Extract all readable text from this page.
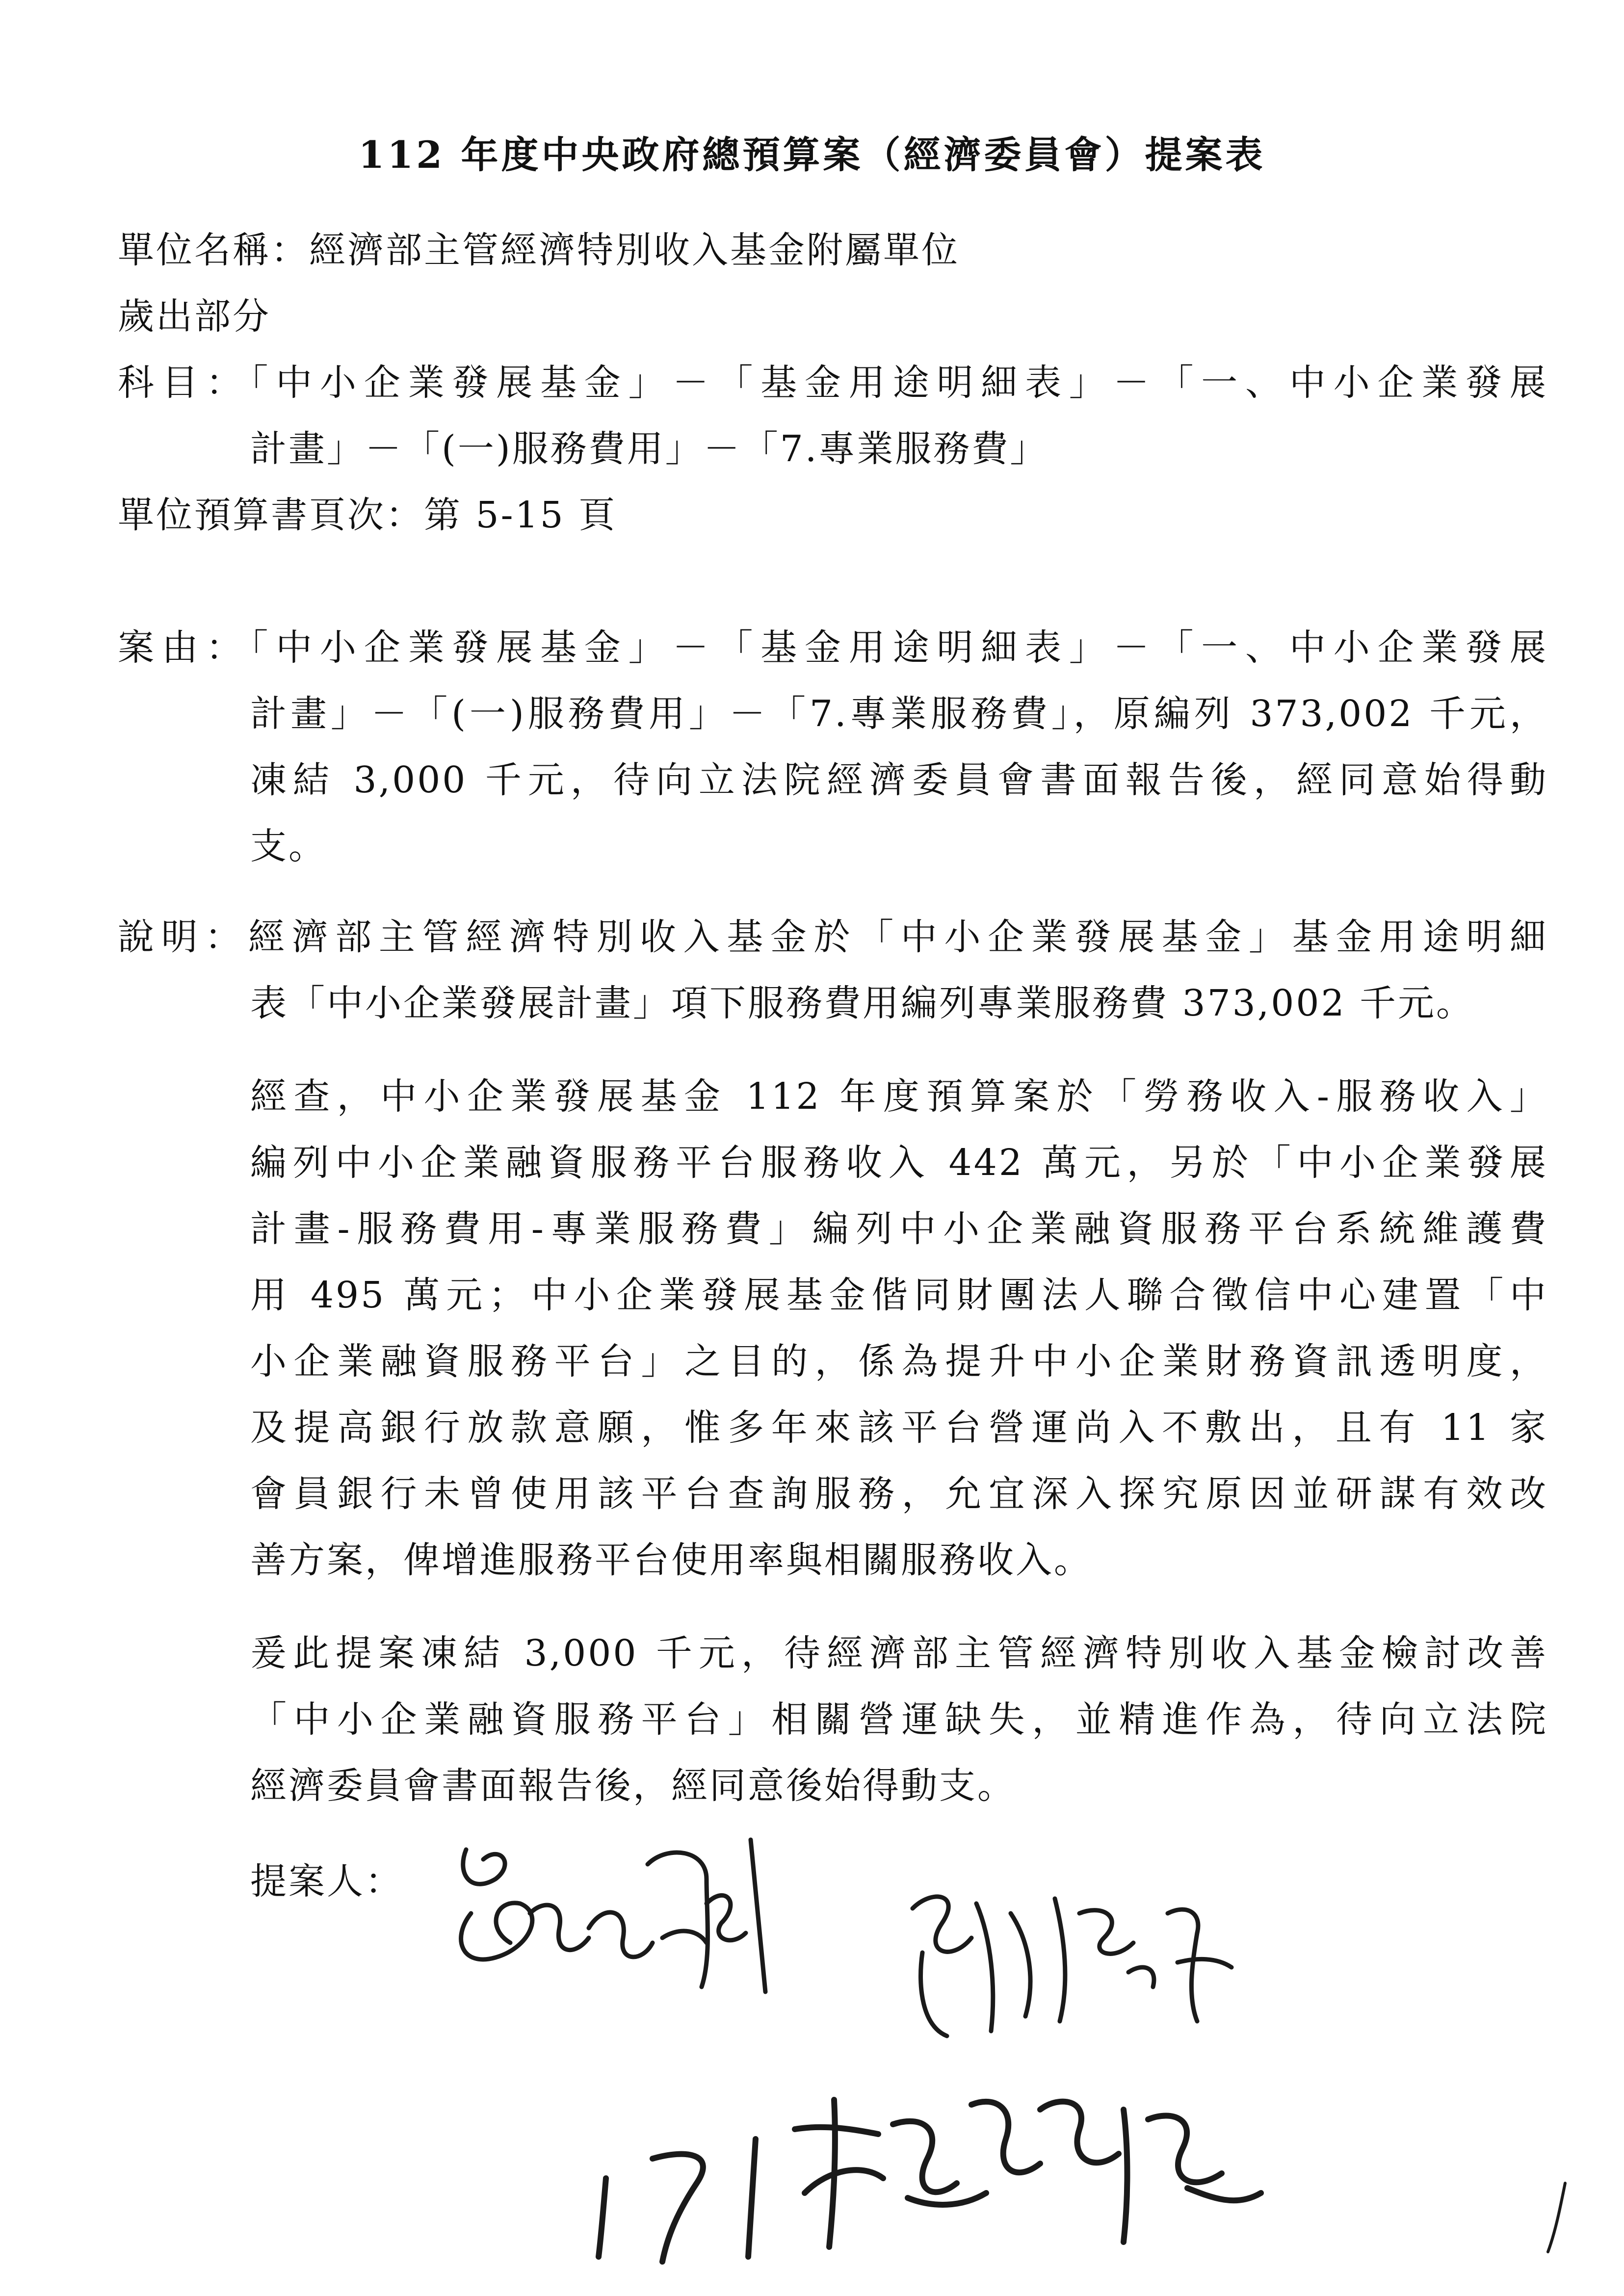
112 年度中央政府總預算案（經濟委員會）提案表
單位名稱：經濟部主管經濟特別收入基金附屬單位
歲出部分
科目：「中小企業發展基金」－「基金用途明細表」－「一、中小企業發展
計畫」－「(一)服務費用」－「7.專業服務費」
單位預算書頁次：第 5-15 頁
案由：「中小企業發展基金」－「基金用途明細表」－「一、中小企業發展
計畫」－「(一)服務費用」－「7.專業服務費」，原編列 373,002 千元，
凍結 3,000 千元，待向立法院經濟委員會書面報告後，經同意始得動
支。
說明：經濟部主管經濟特別收入基金於「中小企業發展基金」基金用途明細
表「中小企業發展計畫」項下服務費用編列專業服務費 373,002 千元。
經查，中小企業發展基金 112 年度預算案於「勞務收入-服務收入」
編列中小企業融資服務平台服務收入 442 萬元，另於「中小企業發展
計畫-服務費用-專業服務費」編列中小企業融資服務平台系統維護費
用 495 萬元；中小企業發展基金偕同財團法人聯合徵信中心建置「中
小企業融資服務平台」之目的，係為提升中小企業財務資訊透明度，
及提高銀行放款意願，惟多年來該平台營運尚入不敷出，且有 11 家
會員銀行未曾使用該平台查詢服務，允宜深入探究原因並研謀有效改
善方案，俾增進服務平台使用率與相關服務收入。
爰此提案凍結 3,000 千元，待經濟部主管經濟特別收入基金檢討改善
「中小企業融資服務平台」相關營運缺失，並精進作為，待向立法院
經濟委員會書面報告後，經同意後始得動支。
提案人：
